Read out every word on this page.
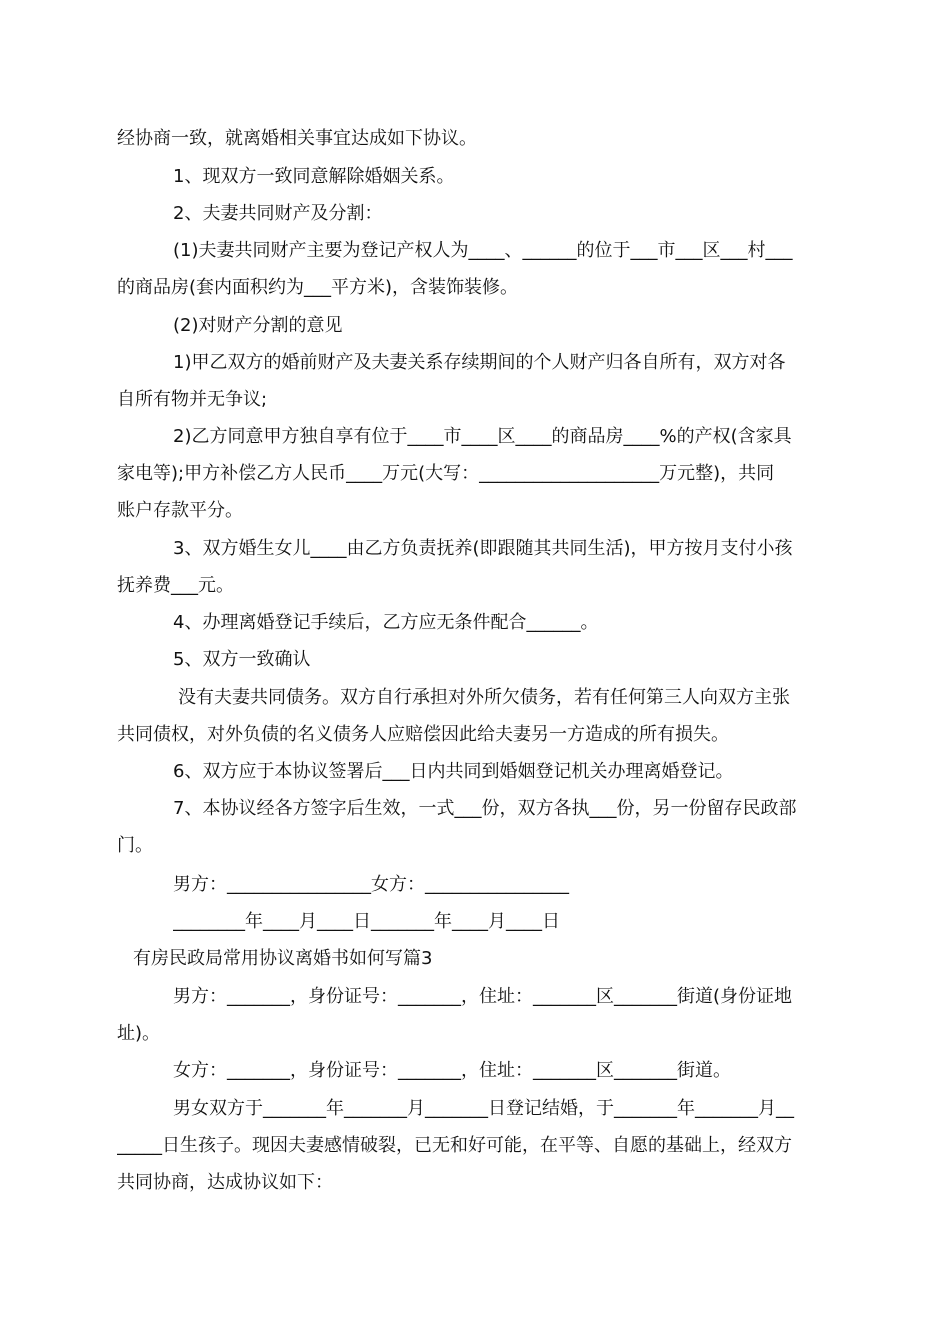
经协商一致，就离婚相关事宜达成如下协议。
1、现双方一致同意解除婚姻关系。
2、夫妻共同财产及分割：
(1)夫妻共同财产主要为登记产权人为____、______的位于___市___区___村___
的商品房(套内面积约为___平方米)，含装饰装修。
(2)对财产分割的意见
1)甲乙双方的婚前财产及夫妻关系存续期间的个人财产归各自所有，双方对各
自所有物并无争议;
2)乙方同意甲方独自享有位于____市____区____的商品房____%的产权(含家具
家电等);甲方补偿乙方人民币____万元(大写：____________________万元整)，共同
账户存款平分。
3、双方婚生女儿____由乙方负责抚养(即跟随其共同生活)，甲方按月支付小孩
抚养费___元。
4、办理离婚登记手续后，乙方应无条件配合______。
5、双方一致确认
没有夫妻共同债务。双方自行承担对外所欠债务，若有任何第三人向双方主张
共同债权，对外负债的名义债务人应赔偿因此给夫妻另一方造成的所有损失。
6、双方应于本协议签署后___日内共同到婚姻登记机关办理离婚登记。
7、本协议经各方签字后生效，一式___份，双方各执___份，另一份留存民政部
门。
男方：________________女方：________________
________年____月____日_______年____月____日
有房民政局常用协议离婚书如何写篇3
男方：_______，身份证号：_______，住址：_______区_______街道(身份证地
址)。
女方：_______，身份证号：_______，住址：_______区_______街道。
男女双方于_______年_______月_______日登记结婚，于_______年_______月__
_____日生孩子。现因夫妻感情破裂，已无和好可能，在平等、自愿的基础上，经双方
共同协商，达成协议如下：
